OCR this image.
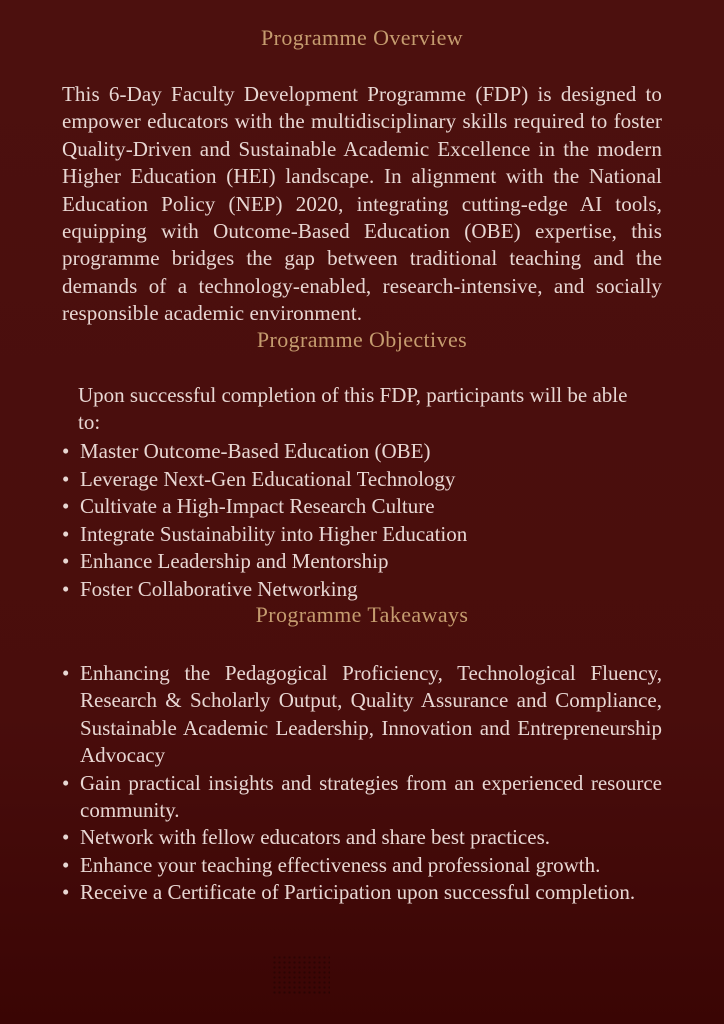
Programme Overview

This 6-Day Faculty Development Programme (FDP) is designed to empower educators with the multidisciplinary skills required to foster Quality-Driven and Sustainable Academic Excellence in the modern Higher Education (HEI) landscape. In alignment with the National Education Policy (NEP) 2020, integrating cutting-edge AI tools, equipping with Outcome-Based Education (OBE) expertise, this programme bridges the gap between traditional teaching and the demands of a technology-enabled, research-intensive, and socially responsible academic environment.

Programme Objectives

Upon successful completion of this FDP, participants will be able to:

• Master Outcome-Based Education (OBE)
• Leverage Next-Gen Educational Technology
• Cultivate a High-Impact Research Culture
• Integrate Sustainability into Higher Education
• Enhance Leadership and Mentorship
• Foster Collaborative Networking
Programme Takeaways
• Enhancing the Pedagogical Proficiency, Technological Fluency, Research & Scholarly Output, Quality Assurance and Compliance, Sustainable Academic Leadership, Innovation and Entrepreneurship Advocacy
• Gain practical insights and strategies from an experienced resource community.
• Network with fellow educators and share best practices.
• Enhance your teaching effectiveness and professional growth.
• Receive a Certificate of Participation upon successful completion.
